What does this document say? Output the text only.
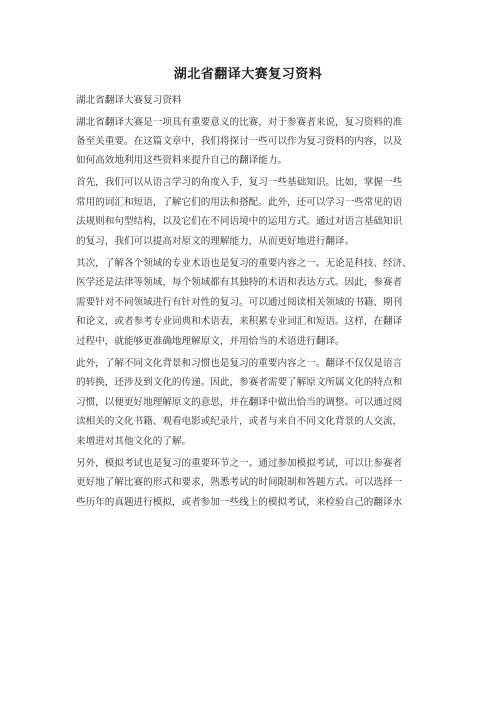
湖北省翻译大赛复习资料
湖北省翻译大赛复习资料
湖北省翻译大赛是一项具有重要意义的比赛，对于参赛者来说，复习资料的准
备至关重要。在这篇文章中，我们将探讨一些可以作为复习资料的内容，以及
如何高效地利用这些资料来提升自己的翻译能力。
首先，我们可以从语言学习的角度入手，复习一些基础知识。比如，掌握一些
常用的词汇和短语，了解它们的用法和搭配。此外，还可以学习一些常见的语
法规则和句型结构，以及它们在不同语境中的运用方式。通过对语言基础知识
的复习，我们可以提高对原文的理解能力，从而更好地进行翻译。
其次，了解各个领域的专业术语也是复习的重要内容之一。无论是科技、经济、
医学还是法律等领域，每个领域都有其独特的术语和表达方式。因此，参赛者
需要针对不同领域进行有针对性的复习。可以通过阅读相关领域的书籍、期刊
和论文，或者参考专业词典和术语表，来积累专业词汇和短语。这样，在翻译
过程中，就能够更准确地理解原文，并用恰当的术语进行翻译。
此外，了解不同文化背景和习惯也是复习的重要内容之一。翻译不仅仅是语言
的转换，还涉及到文化的传递。因此，参赛者需要了解原文所属文化的特点和
习惯，以便更好地理解原文的意思，并在翻译中做出恰当的调整。可以通过阅
读相关的文化书籍、观看电影或纪录片，或者与来自不同文化背景的人交流，
来增进对其他文化的了解。
另外，模拟考试也是复习的重要环节之一。通过参加模拟考试，可以让参赛者
更好地了解比赛的形式和要求，熟悉考试的时间限制和答题方式。可以选择一
些历年的真题进行模拟，或者参加一些线上的模拟考试，来检验自己的翻译水
